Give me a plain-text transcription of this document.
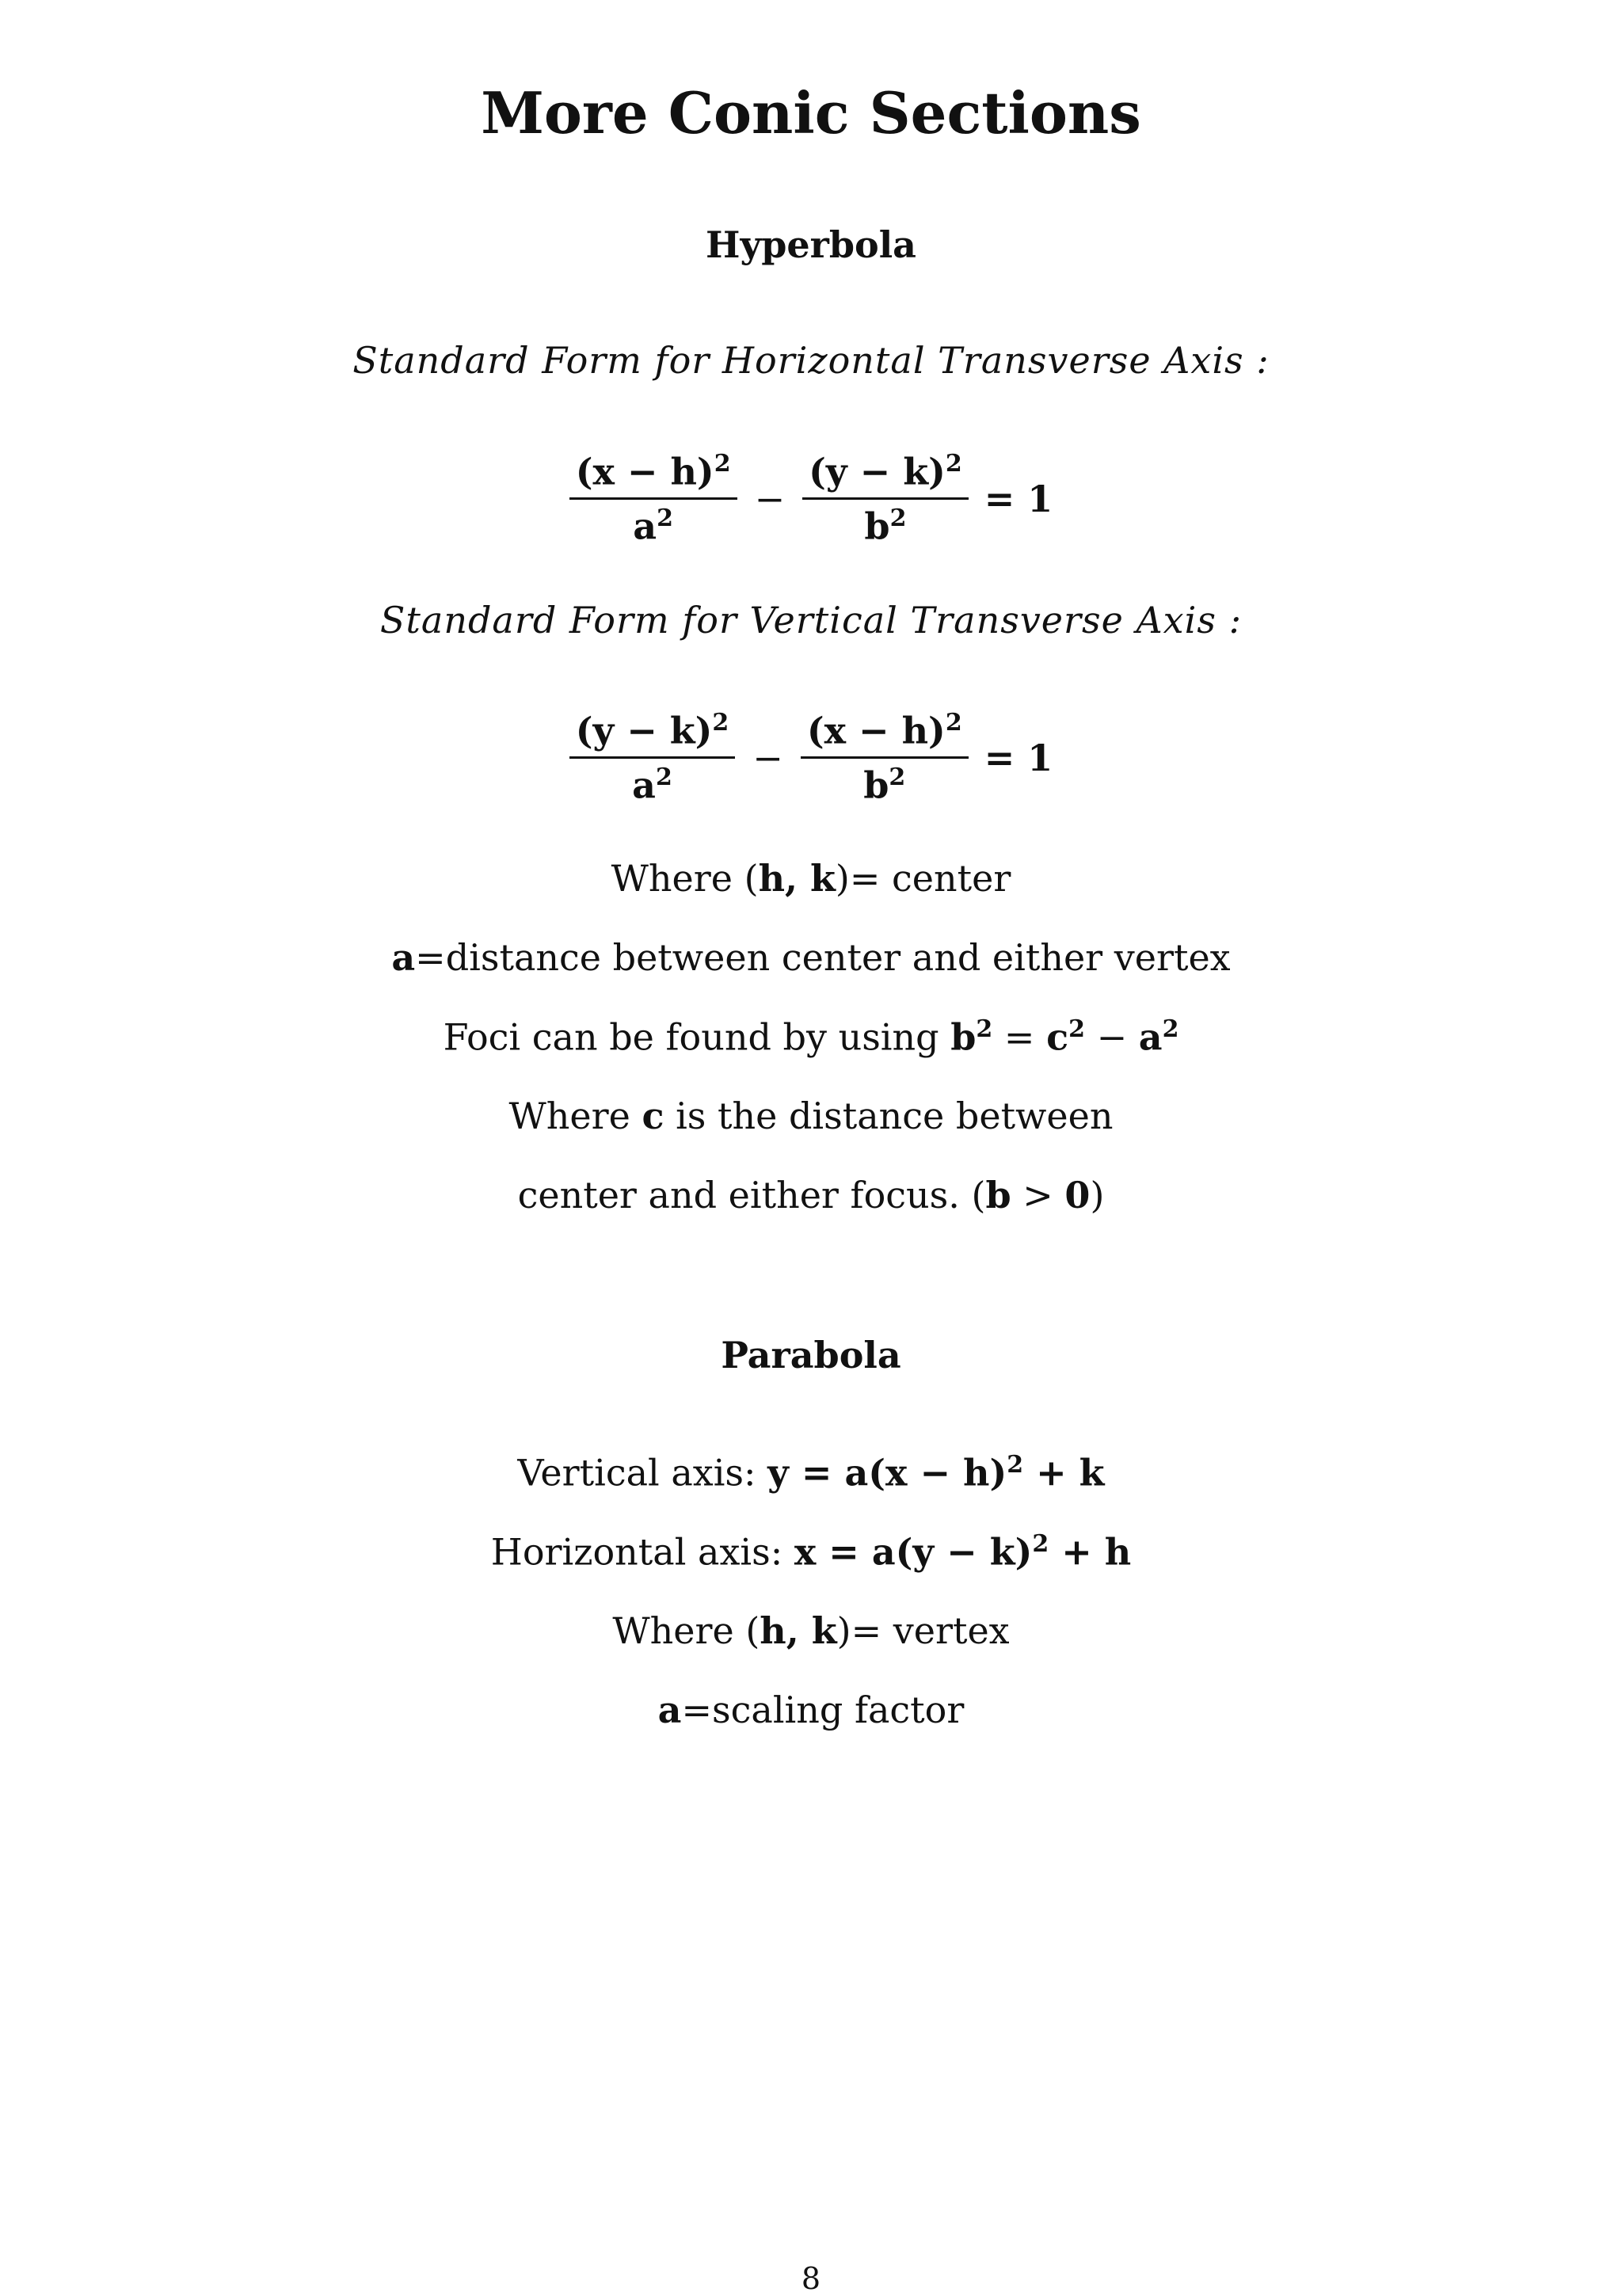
More Conic Sections
Hyperbola
Standard Form for Horizontal Transverse Axis :
$\frac{(x - h)^2}{a^2} - \frac{(y - k)^2}{b^2} = 1$
Standard Form for Vertical Transverse Axis :
$\frac{(y - k)^2}{a^2} - \frac{(x - h)^2}{b^2} = 1$
Where (h, k)= center
a=distance between center and either vertex
Foci can be found by using $b^2 = c^2 - a^2$
Where c is the distance between
center and either focus. (b > 0)
Parabola
Vertical axis: $y = a(x - h)^2 + k$
Horizontal axis: $x = a(y - k)^2 + h$
Where (h, k)= vertex
a=scaling factor
8
